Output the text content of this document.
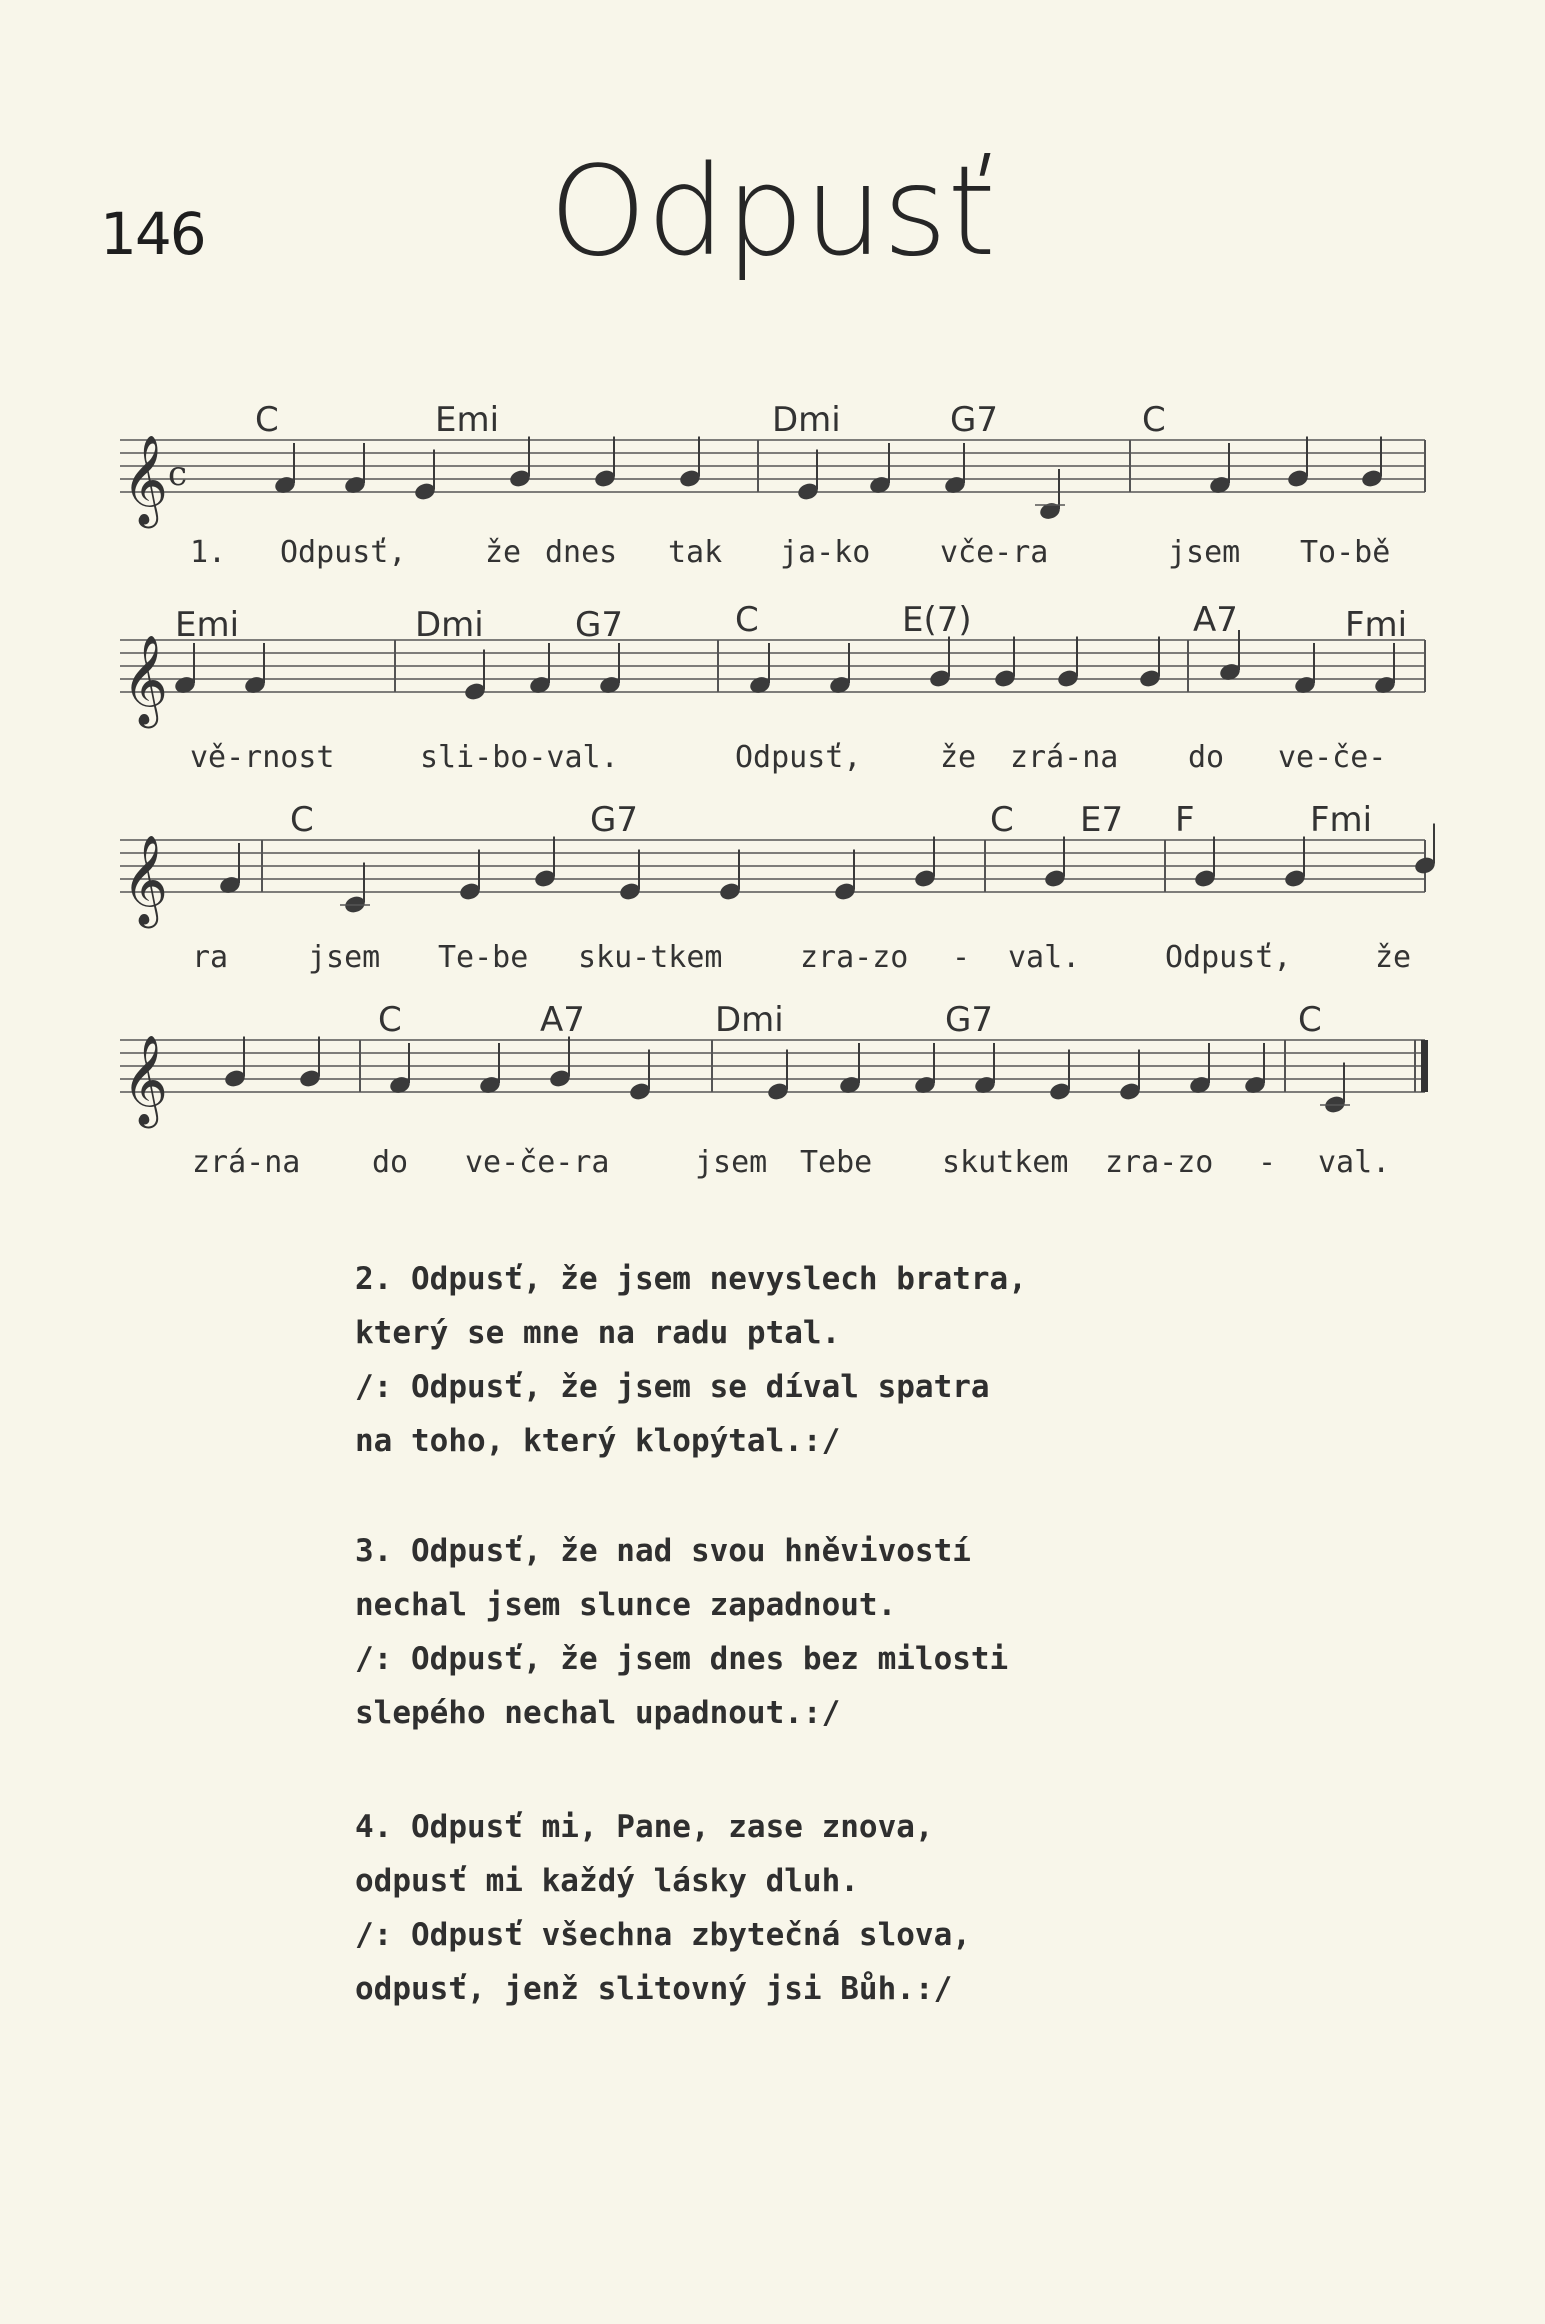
146	Odpusť
𝄞 c
C	Emi	Dmi	G7	C
1. Odpusť,	že dnes tak ja-ko vče-ra	jsem To-bě
𝄞
Emi	Dmi	G7	C	E(7)	A7	Fmi
vě-rnost	sli-bo-val.	Odpusť,	že zrá-na do ve-če-
𝄞
C	G7	C E7 F	Fmi
ra	jsem Te-be sku-tkem	zra-zo - val.	Odpusť,	že
𝄞
C	A7	Dmi	G7	C
zrá-na do ve-če-ra	jsem Tebe skutkem zra-zo - val.
2. Odpusť, že jsem nevyslech bratra,
který se mne na radu ptal.
/: Odpusť, že jsem se díval spatra
na toho, který klopýtal.:/
3. Odpusť, že nad svou hněvivostí
nechal jsem slunce zapadnout.
/: Odpusť, že jsem dnes bez milosti
slepého nechal upadnout.:/
4. Odpusť mi, Pane, zase znova,
odpusť mi každý lásky dluh.
/: Odpusť všechna zbytečná slova,
odpusť, jenž slitovný jsi Bůh.:/
